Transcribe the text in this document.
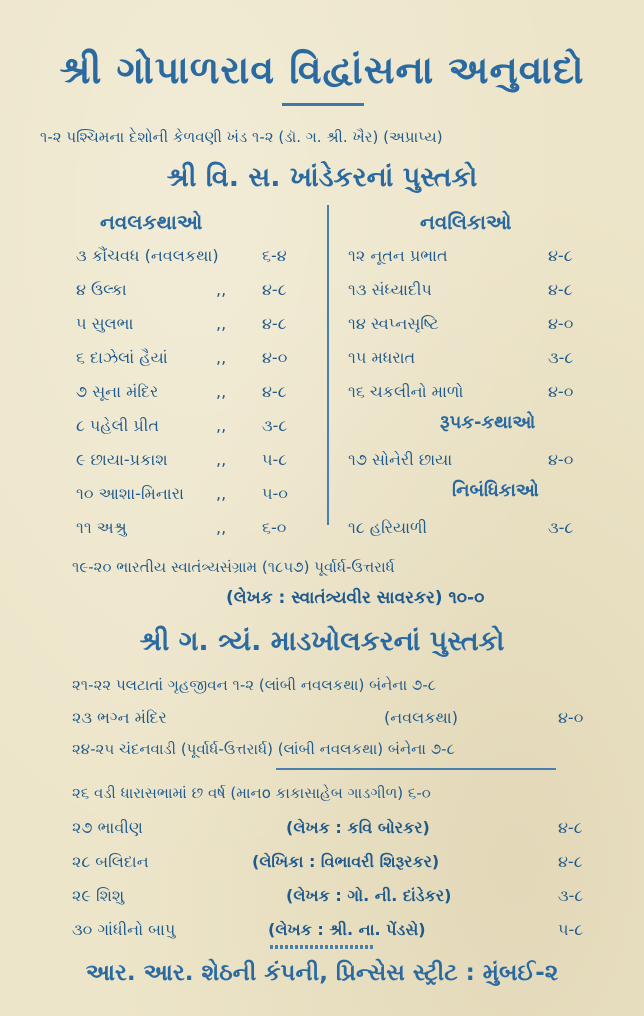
શ્રી ગોપાળરાવ વિદ્વાંસના અનુવાદો
૧-૨ પશ્ચિમના દેશોની કેળવણી ખંડ ૧-૨ (ડૉ. ગ. શ્રી. ખૈર) (અપ્રાપ્ય)
શ્રી વિ. સ. ખાંડેકરનાં પુસ્તકો
નવલકથાઓ
૩ કૌંચવધ (નવલકથા)	૬-૪
૪ ઉલ્કા	,, ૪-૮
૫ સુલભા	,, ૪-૮
૬ દાઝેલાં હૈયાં	,, ૪-૦
૭ સૂના મંદિર	,, ૪-૮
૮ પહેલી પ્રીત	,, ૩-૮
૯ છાયા-પ્રકાશ	,, ૫-૮
૧૦ આશા-મિનારા ,, ૫-૦
૧૧ અશ્રુ	,, ૬-૦
નવલિકાઓ
૧૨ નૂતન પ્રભાત	૪-૮
૧૩ સંધ્યાદીપ	૪-૮
૧૪ સ્વપ્નસૃષ્ટિ	૪-૦
૧૫ મધરાત	૩-૮
૧૬ ચકલીનો માળો	૪-૦
રૂપક-કથાઓ
૧૭ સોનેરી છાયા	૪-૦
નિબંધિકાઓ
૧૮ હરિયાળી	૩-૮
૧૯-૨૦ ભારતીય સ્વાતંત્ર્યસંગ્રામ (૧૮૫૭) પૂર્વાર્ધ-ઉત્તરાર્ધ
(લેખક : સ્વાતંત્ર્યવીર સાવરકર) ૧૦-૦
શ્રી ગ. ત્ર્યં. માડખોલકરનાં પુસ્તકો
૨૧-૨૨ પલટાતાં ગૃહજીવન ૧-૨ (લાંબી નવલકથા) બંનેના ૭-૮
૨૩ ભગ્ન મંદિર	(નવલકથા)	૪-૦
૨૪-૨૫ ચંદનવાડી (પૂર્વાર્ધ-ઉત્તરાર્ધ) (લાંબી નવલકથા) બંનેના ૭-૮
૨૬ વડી ધારાસભામાં છ વર્ષ (માનo કાકાસાહેબ ગાડગીળ) ૬-૦
૨૭ ભાવીણ	(લેખક : કવિ બોરકર)	૪-૮
૨૮ બલિદાન	(લેખિકા : વિભાવરી શિરૂરકર)	૪-૮
૨૯ શિશુ	(લેખક : ગો. ની. દાંડેકર)	૩-૮
૩૦ ગાંધીનો બાપુ	(લેખક : શ્રી. ના. પેંડસે)	૫-૮
આર. આર. શેઠની કંપની, પ્રિન્સેસ સ્ટ્રીટ : મુંબઈ-૨
